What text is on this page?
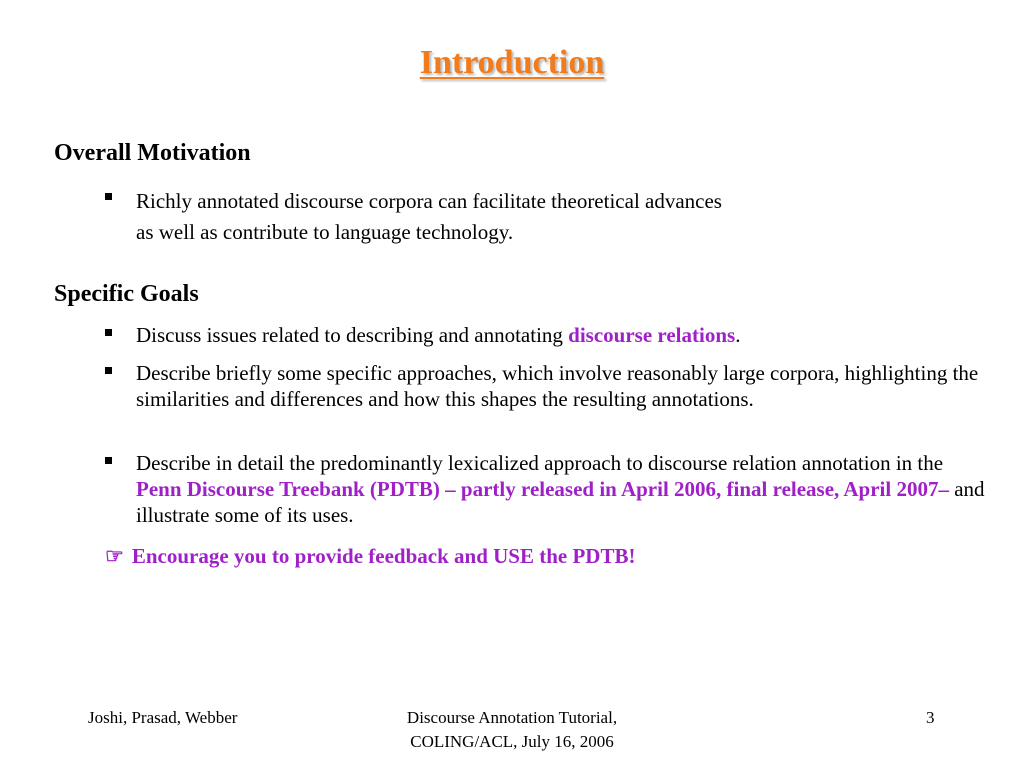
Introduction
Overall Motivation
Richly annotated discourse corpora can facilitate theoretical advances
as well as contribute to language technology.
Specific Goals
Discuss issues related to describing and annotating discourse relations.
Describe briefly some specific approaches, which involve reasonably large corpora, highlighting the similarities and differences and how this shapes the resulting annotations.
Describe in detail the predominantly lexicalized approach to discourse relation annotation in the Penn Discourse Treebank (PDTB) – partly released in April 2006, final release, April 2007– and illustrate some of its uses.
☞ Encourage you to provide feedback and USE the PDTB!
Joshi, Prasad, Webber	Discourse Annotation Tutorial,
COLING/ACL, July 16, 2006
3
